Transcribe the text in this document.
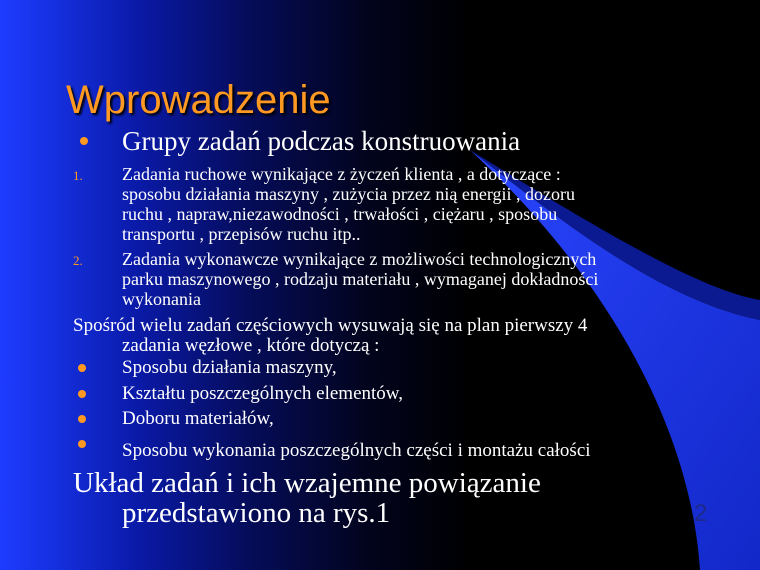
Wprowadzenie
Grupy zadań podczas konstruowania
1. Zadania ruchowe wynikające z życzeń klienta , a dotyczące :
sposobu działania maszyny , zużycia przez nią energii , dozoru
ruchu , napraw,niezawodności , trwałości , ciężaru , sposobu
transportu , przepisów ruchu itp..
2. Zadania wykonawcze wynikające z możliwości technologicznych
parku maszynowego , rodzaju materiału , wymaganej dokładności
wykonania
Spośród wielu zadań częściowych wysuwają się na plan pierwszy 4
zadania węzłowe , które dotyczą :
Sposobu działania maszyny,
Kształtu poszczególnych elementów,
Doboru materiałów,
Sposobu wykonania poszczególnych części i montażu całości
Układ zadań i ich wzajemne powiązanie
przedstawiono na rys.1	2
